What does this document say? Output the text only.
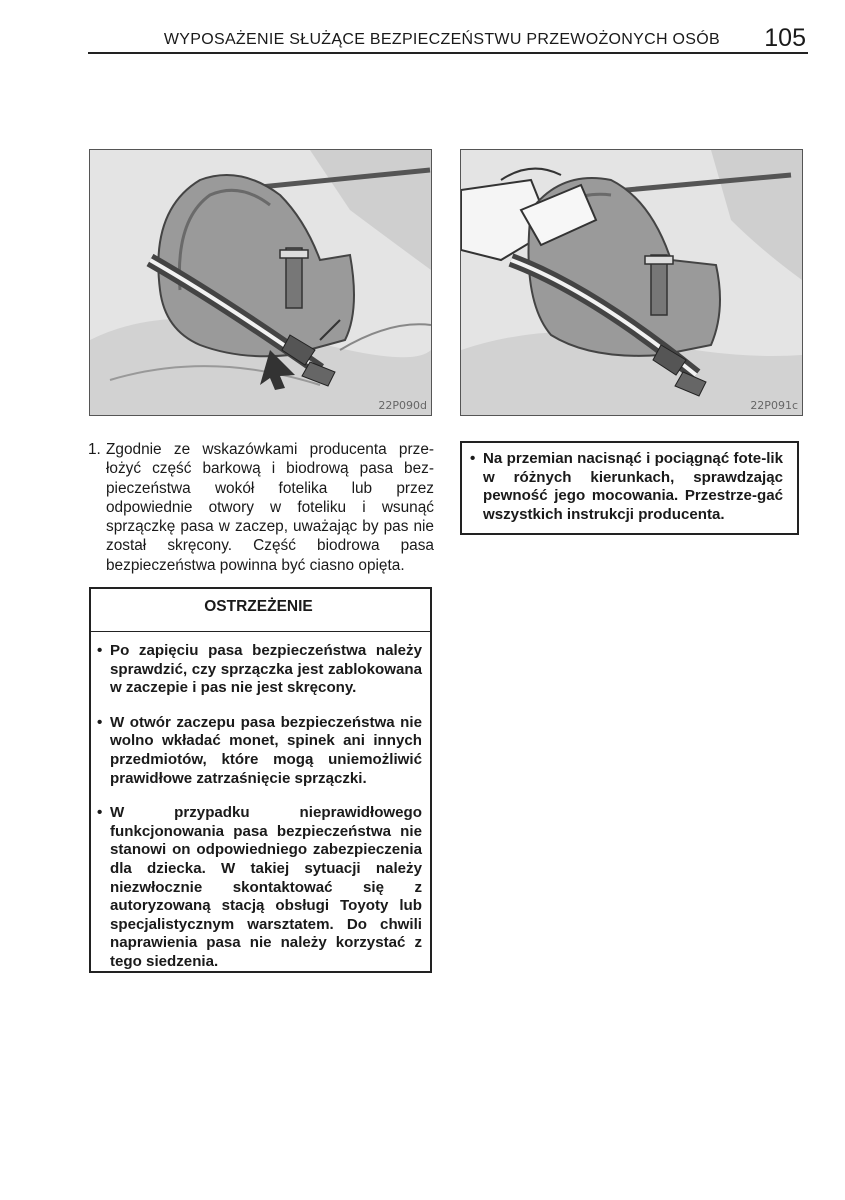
WYPOSAŻENIE SŁUŻĄCE BEZPIECZEŃSTWU PRZEWOŻONYCH OSÓB 105
22P090d	22P091c
1. Zgodnie ze wskazówkami producenta prze-łożyć część barkową i biodrową pasa bez-pieczeństwa wokół fotelika lub przez odpowiednie otwory w foteliku i wsunąć sprzączkę pasa w zaczep, uważając by pas nie został skręcony. Część biodrowa pasa bezpieczeństwa powinna być ciasno opięta.
• Na przemian nacisnąć i pociągnąć fote-lik w różnych kierunkach, sprawdzając pewność jego mocowania. Przestrze-gać wszystkich instrukcji producenta.
OSTRZEŻENIE
• Po zapięciu pasa bezpieczeństwa należy sprawdzić, czy sprzączka jest zablokowana w zaczepie i pas nie jest skręcony.
• W otwór zaczepu pasa bezpieczeństwa nie wolno wkładać monet, spinek ani innych przedmiotów, które mogą uniemożliwić prawidłowe zatrzaśnięcie sprzączki.
• W przypadku nieprawidłowego funkcjonowania pasa bezpieczeństwa nie stanowi on odpowiedniego zabezpieczenia dla dziecka. W takiej sytuacji należy niezwłocznie skontaktować się z autoryzowaną stacją obsługi Toyoty lub specjalistycznym warsztatem. Do chwili naprawienia pasa nie należy korzystać z tego siedzenia.
